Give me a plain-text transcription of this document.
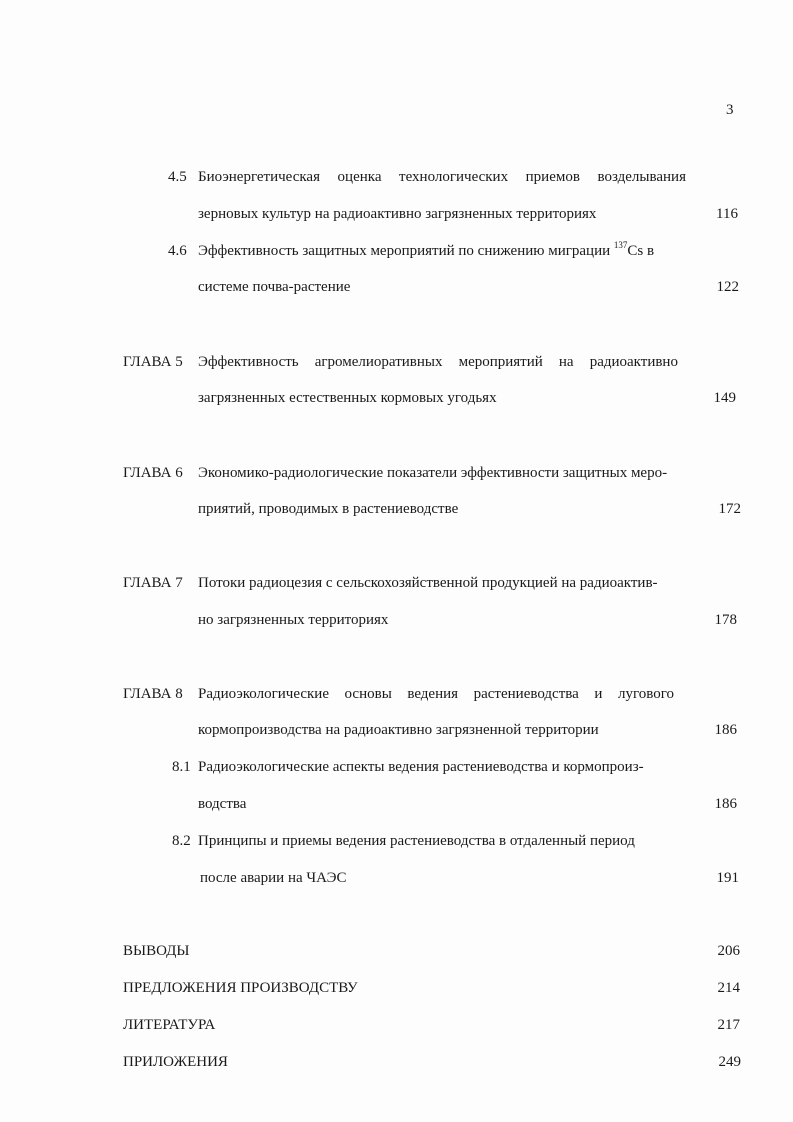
3
4.5 Биоэнергетическая оценка технологических приемов возделывания
зерновых культур на радиоактивно загрязненных территориях	116
4.6 Эффективность защитных мероприятий по снижению миграции $^{137}$Cs в
системе почва-растение	122
ГЛАВА 5 Эффективность агромелиоративных мероприятий на радиоактивно
загрязненных естественных кормовых угодьях	149
ГЛАВА 6 Экономико-радиологические показатели эффективности защитных меро-
приятий, проводимых в растениеводстве	172
ГЛАВА 7 Потоки радиоцезия с сельскохозяйственной продукцией на радиоактив-
но загрязненных территориях	178
ГЛАВА 8 Радиоэкологические основы ведения растениеводства и лугового
кормопроизводства на радиоактивно загрязненной территории	186
8.1 Радиоэкологические аспекты ведения растениеводства и кормопроиз-
водства	186
8.2 Принципы и приемы ведения растениеводства в отдаленный период
после аварии на ЧАЭС	191
ВЫВОДЫ	206
ПРЕДЛОЖЕНИЯ ПРОИЗВОДСТВУ	214
ЛИТЕРАТУРА	217
ПРИЛОЖЕНИЯ	249
